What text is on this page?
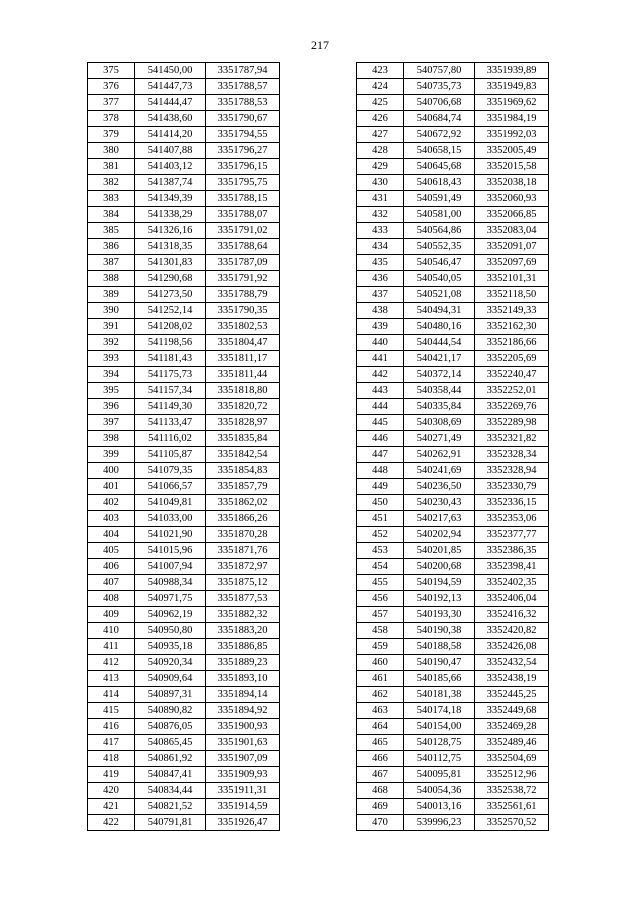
217
375	541450,00	3351787,94
376	541447,73	3351788,57
377	541444,47	3351788,53
378	541438,60	3351790,67
379	541414,20	3351794,55
380	541407,88	3351796,27
381	541403,12	3351796,15
382	541387,74	3351795,75
383	541349,39	3351788,15
384	541338,29	3351788,07
385	541326,16	3351791,02
386	541318,35	3351788,64
387	541301,83	3351787,09
388	541290,68	3351791,92
389	541273,50	3351788,79
390	541252,14	3351790,35
391	541208,02	3351802,53
392	541198,56	3351804,47
393	541181,43	3351811,17
394	541175,73	3351811,44
395	541157,34	3351818,80
396	541149,30	3351820,72
397	541133,47	3351828,97
398	541116,02	3351835,84
399	541105,87	3351842,54
400	541079,35	3351854,83
401	541066,57	3351857,79
402	541049,81	3351862,02
403	541033,00	3351866,26
404	541021,90	3351870,28
405	541015,96	3351871,76
406	541007,94	3351872,97
407	540988,34	3351875,12
408	540971,75	3351877,53
409	540962,19	3351882,32
410	540950,80	3351883,20
411	540935,18	3351886,85
412	540920,34	3351889,23
413	540909,64	3351893,10
414	540897,31	3351894,14
415	540890,82	3351894,92
416	540876,05	3351900,93
417	540865,45	3351901,63
418	540861,92	3351907,09
419	540847,41	3351909,93
420	540834,44	3351911,31
421	540821,52	3351914,59
422	540791,81	3351926,47
423	540757,80	3351939,89
424	540735,73	3351949,83
425	540706,68	3351969,62
426	540684,74	3351984,19
427	540672,92	3351992,03
428	540658,15	3352005,49
429	540645,68	3352015,58
430	540618,43	3352038,18
431	540591,49	3352060,93
432	540581,00	3352066,85
433	540564,86	3352083,04
434	540552,35	3352091,07
435	540546,47	3352097,69
436	540540,05	3352101,31
437	540521,08	3352118,50
438	540494,31	3352149,33
439	540480,16	3352162,30
440	540444,54	3352186,66
441	540421,17	3352205,69
442	540372,14	3352240,47
443	540358,44	3352252,01
444	540335,84	3352269,76
445	540308,69	3352289,98
446	540271,49	3352321,82
447	540262,91	3352328,34
448	540241,69	3352328,94
449	540236,50	3352330,79
450	540230,43	3352336,15
451	540217,63	3352353,06
452	540202,94	3352377,77
453	540201,85	3352386,35
454	540200,68	3352398,41
455	540194,59	3352402,35
456	540192,13	3352406,04
457	540193,30	3352416,32
458	540190,38	3352420,82
459	540188,58	3352426,08
460	540190,47	3352432,54
461	540185,66	3352438,19
462	540181,38	3352445,25
463	540174,18	3352449,68
464	540154,00	3352469,28
465	540128,75	3352489,46
466	540112,75	3352504,69
467	540095,81	3352512,96
468	540054,36	3352538,72
469	540013,16	3352561,61
470	539996,23	3352570,52
